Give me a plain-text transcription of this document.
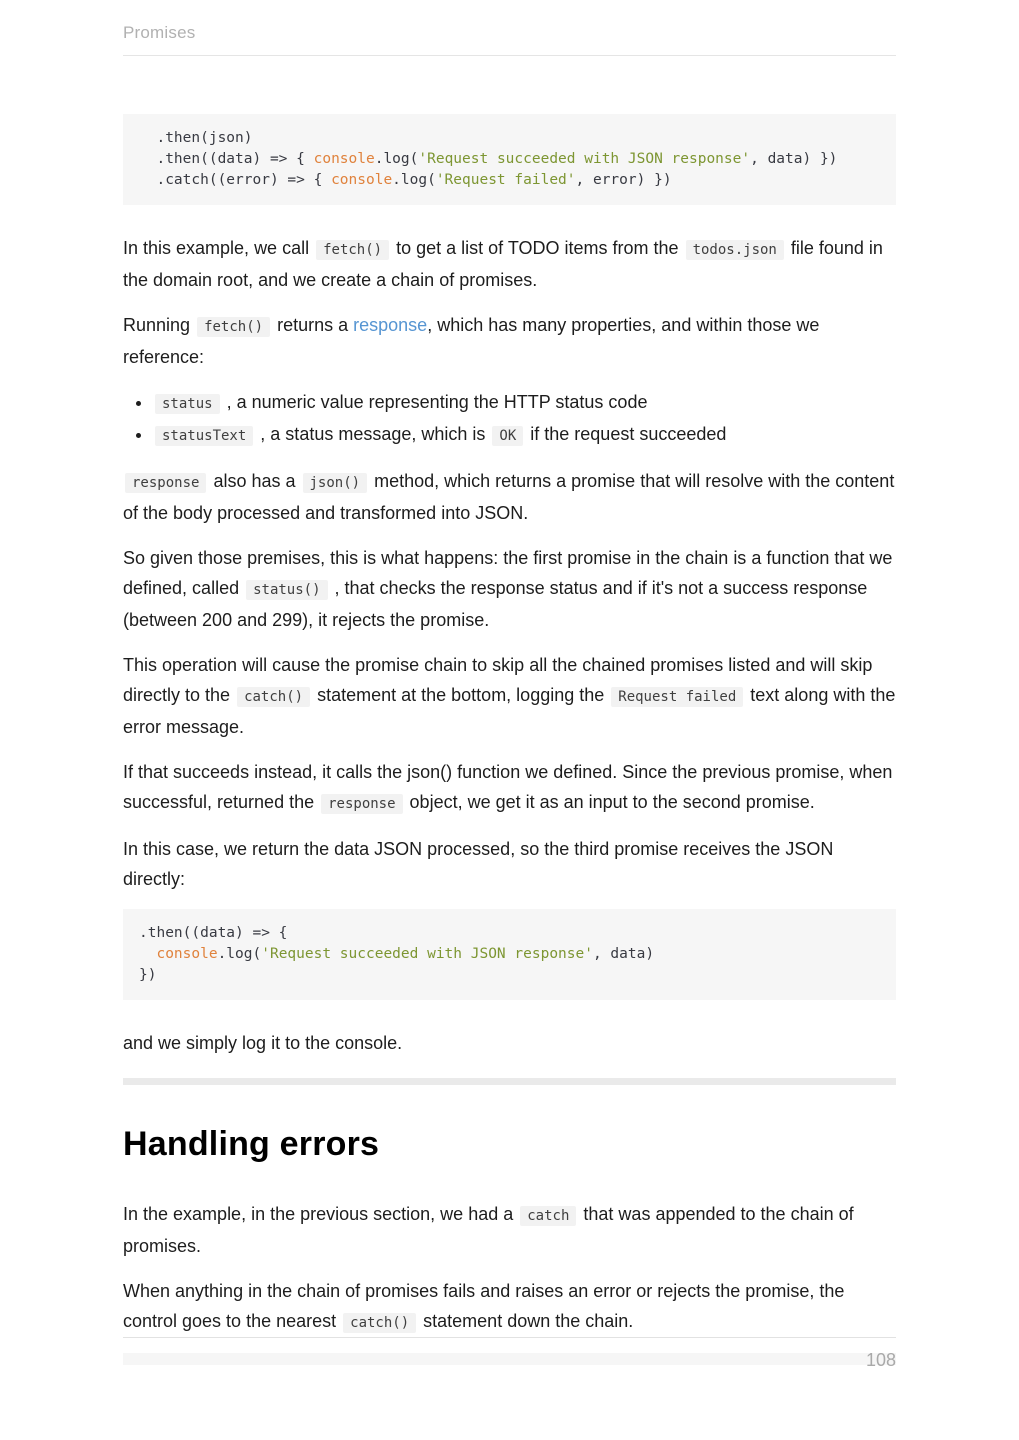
Promises
.then(json)
.then((data) => { console.log('Request succeeded with JSON response', data) })
.catch((error) => { console.log('Request failed', error) })

In this example, we call fetch() to get a list of TODO items from the todos.json file found in the domain root, and we create a chain of promises.

Running fetch() returns a response, which has many properties, and within those we reference:

• status , a numeric value representing the HTTP status code
• statusText , a status message, which is OK if the request succeeded

response also has a json() method, which returns a promise that will resolve with the content of the body processed and transformed into JSON.

So given those premises, this is what happens: the first promise in the chain is a function that we defined, called status() , that checks the response status and if it's not a success response (between 200 and 299), it rejects the promise.

This operation will cause the promise chain to skip all the chained promises listed and will skip directly to the catch() statement at the bottom, logging the Request failed text along with the error message.

If that succeeds instead, it calls the json() function we defined. Since the previous promise, when successful, returned the response object, we get it as an input to the second promise.

In this case, we return the data JSON processed, so the third promise receives the JSON directly:

.then((data) => {
console.log('Request succeeded with JSON response', data)
})

and we simply log it to the console.

Handling errors

In the example, in the previous section, we had a catch that was appended to the chain of promises.

When anything in the chain of promises fails and raises an error or rejects the promise, the control goes to the nearest catch() statement down the chain.

108
